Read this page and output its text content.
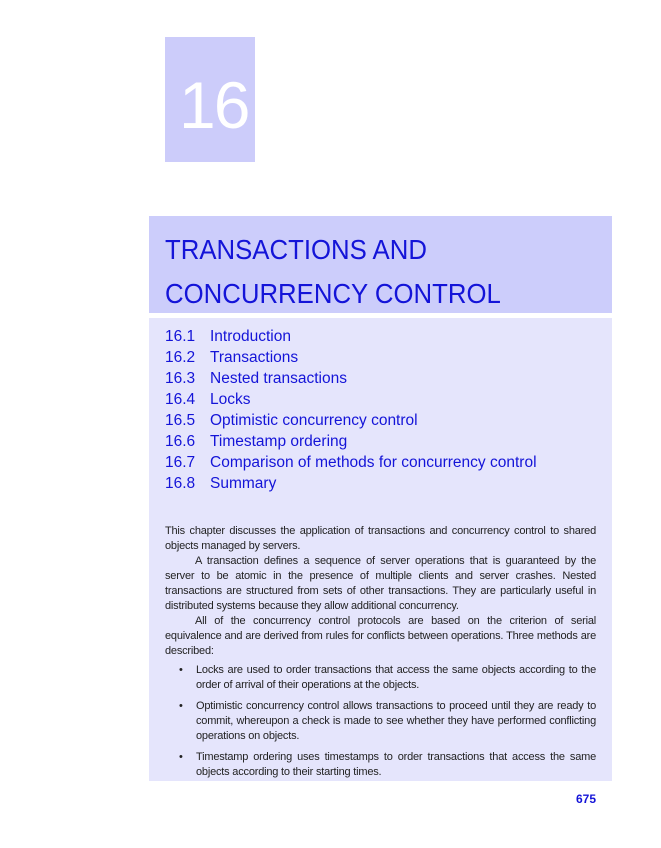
16
TRANSACTIONS AND
CONCURRENCY CONTROL
16.1 Introduction
16.2 Transactions
16.3 Nested transactions
16.4 Locks
16.5 Optimistic concurrency control
16.6 Timestamp ordering
16.7 Comparison of methods for concurrency control
16.8 Summary

This chapter discusses the application of transactions and concurrency control to shared objects managed by servers.

A transaction defines a sequence of server operations that is guaranteed by the server to be atomic in the presence of multiple clients and server crashes. Nested transactions are structured from sets of other transactions. They are particularly useful in distributed systems because they allow additional concurrency.

All of the concurrency control protocols are based on the criterion of serial equivalence and are derived from rules for conflicts between operations. Three methods are described:

• Locks are used to order transactions that access the same objects according to the order of arrival of their operations at the objects.
• Optimistic concurrency control allows transactions to proceed until they are ready to commit, whereupon a check is made to see whether they have performed conflicting operations on objects.
• Timestamp ordering uses timestamps to order transactions that access the same objects according to their starting times.
675
